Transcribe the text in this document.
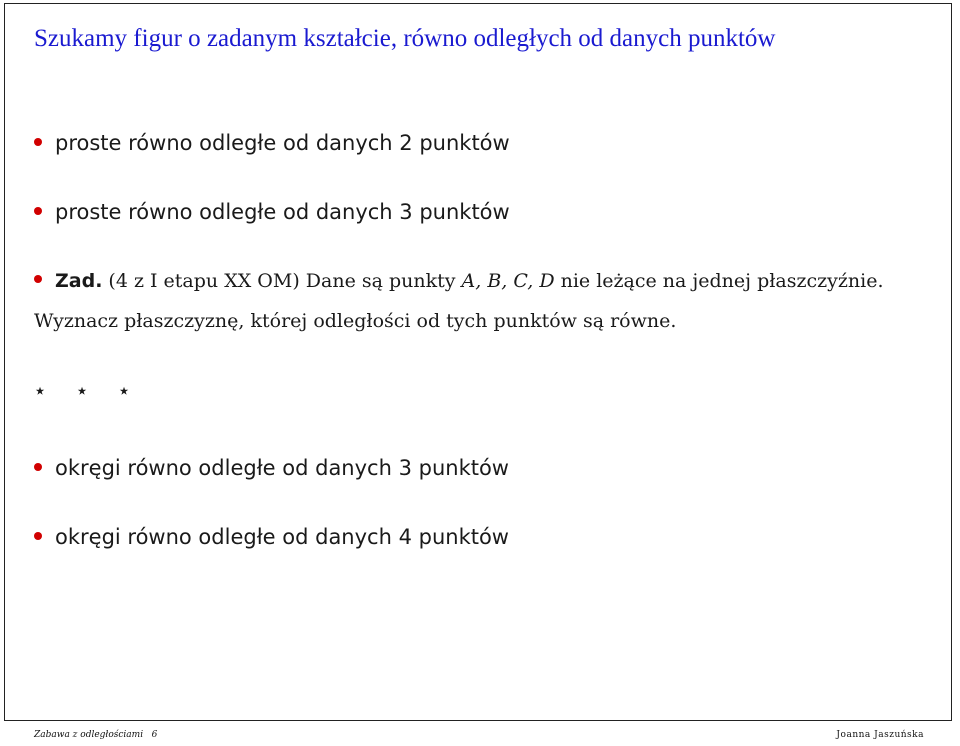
Szukamy figur o zadanym kształcie, równo odległych od danych punktów
proste równo odległe od danych 2 punktów
proste równo odległe od danych 3 punktów
Zad. (4 z I etapu XX OM) Dane są punkty A, B, C, D nie leżące na jednej płaszczyźnie. Wyznacz płaszczyznę, której odległości od tych punktów są równe.
⋆ ⋆ ⋆
okręgi równo odległe od danych 3 punktów
okręgi równo odległe od danych 4 punktów
Zabawa z odległościami 6	Joanna Jaszuńska
